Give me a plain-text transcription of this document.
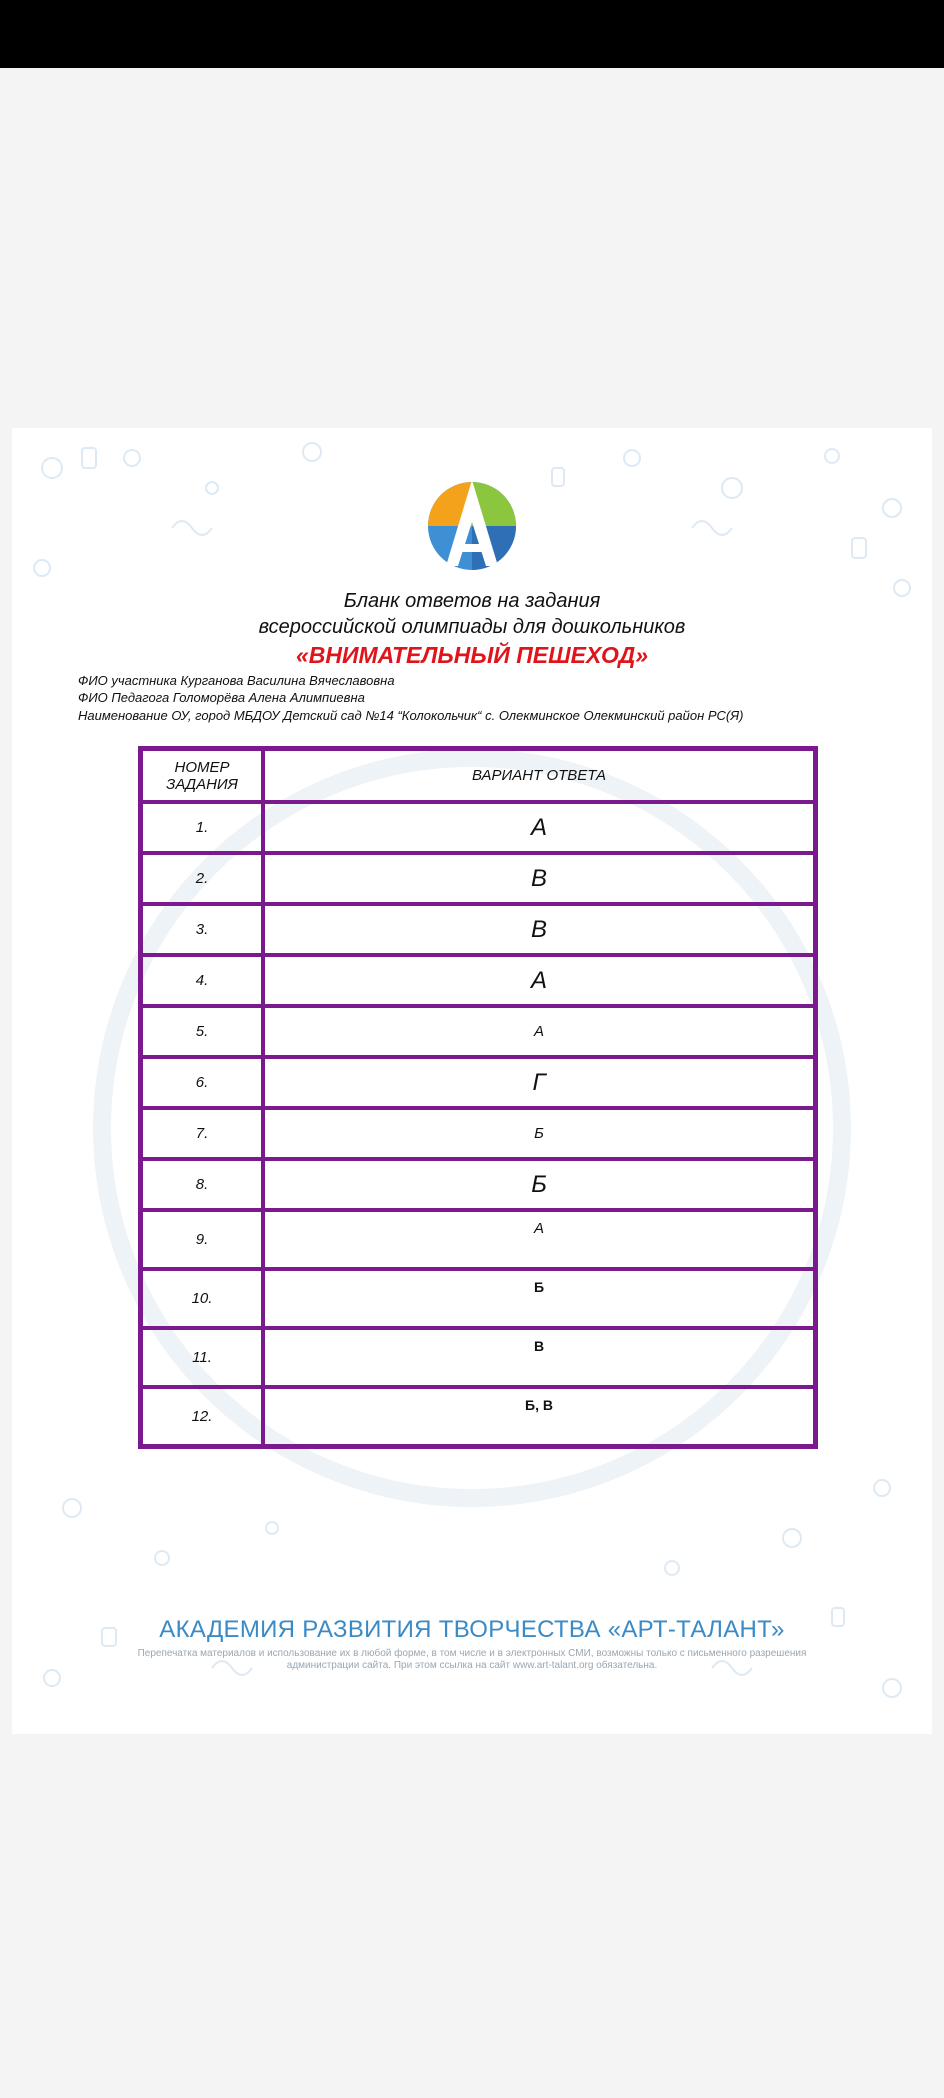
Бланк ответов на задания
всероссийской олимпиады для дошкольников
«ВНИМАТЕЛЬНЫЙ ПЕШЕХОД»
ФИО участника Курганова Василина Вячеславовна
ФИО Педагога Голоморёва Алена Алимпиевна
Наименование ОУ, город МБДОУ Детский сад №14 “Колокольчик“ с. Олекминское Олекминский район РС(Я)
НОМЕР
ЗАДАНИЯ	ВАРИАНТ ОТВЕТА
1.	А
2.	В
3.	В
4.	А
5.	А
6.	Г
7.	Б
8.	Б
9.	А
10.	Б
11.	В
12.	Б, В
АКАДЕМИЯ РАЗВИТИЯ ТВОРЧЕСТВА «АРТ-ТАЛАНТ»
Перепечатка материалов и использование их в любой форме, в том числе и в электронных СМИ, возможны только с письменного разрешения администрации сайта. При этом ссылка на сайт www.art-talant.org обязательна.
